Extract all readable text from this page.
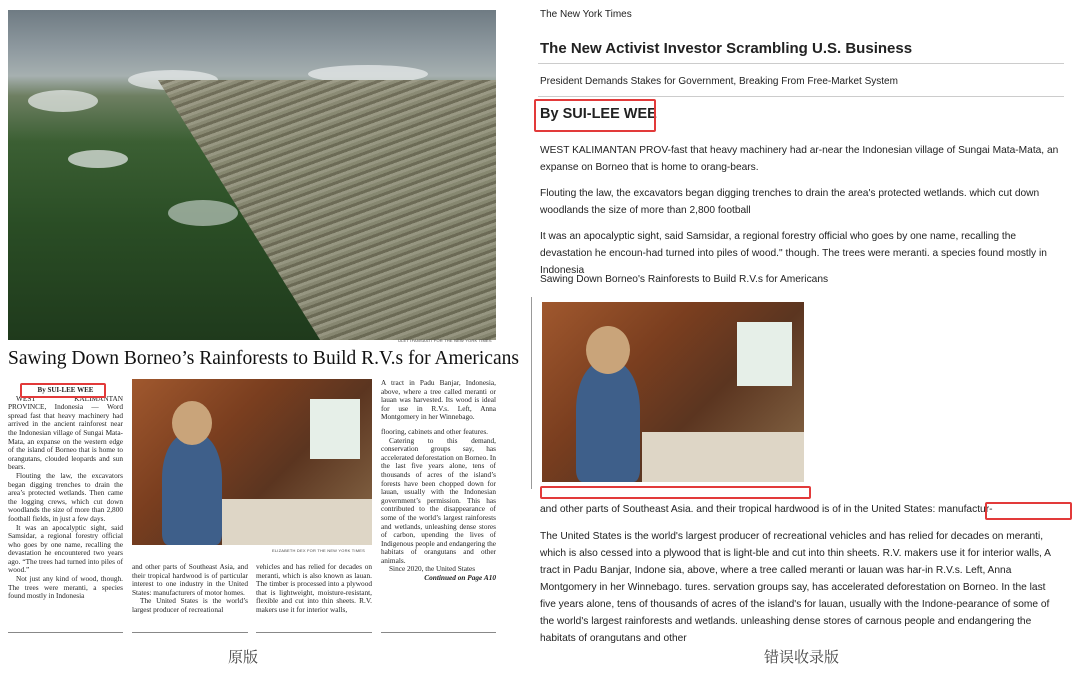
ULET IFANSASTI FOR THE NEW YORK TIMES
Sawing Down Borneo’s Rainforests to Build R.V.s for Americans
By SUI-LEE WEE

WEST KALIMANTAN PROVINCE, Indonesia — Word spread fast that heavy machinery had arrived in the ancient rainforest near the Indonesian village of Sungai Mata-Mata, an expanse on the western edge of the island of Borneo that is home to orangutans, clouded leopards and sun bears.

Flouting the law, the excavators began digging trenches to drain the area’s protected wetlands. Then came the logging crews, which cut down woodlands the size of more than 2,800 football fields, in just a few days.

It was an apocalyptic sight, said Samsidar, a regional forestry official who goes by one name, recalling the devastation he encountered two years ago. “The trees had turned into piles of wood.”

Not just any kind of wood, though. The trees were meranti, a species found mostly in Indonesia

ELIZABETH DEX FOR THE NEW YORK TIMES

and other parts of Southeast Asia, and their tropical hardwood is of particular interest to one industry in the United States: manufacturers of motor homes.

The United States is the world’s largest producer of recreational

vehicles and has relied for decades on meranti, which is also known as lauan. The timber is processed into a plywood that is lightweight, moisture-resistant, flexible and cut into thin sheets. R.V. makers use it for interior walls,

A tract in Padu Banjar, Indonesia, above, where a tree called meranti or lauan was harvested. Its wood is ideal for use in R.V.s. Left, Anna Montgomery in her Winnebago.

flooring, cabinets and other features.

Catering to this demand, conservation groups say, has accelerated deforestation on Borneo. In the last five years alone, tens of thousands of acres of the island’s forests have been chopped down for lauan, usually with the Indonesian government’s permission. This has contributed to the disappearance of some of the world’s largest rainforests and wetlands, unleashing dense stores of carbon, upending the lives of Indigenous people and endangering the habitats of orangutans and other animals.

Since 2020, the United States

Continued on Page A10

原版
The New York Times
The New Activist Investor Scrambling U.S. Business
President Demands Stakes for Government, Breaking From Free-Market System
By SUI-LEE WEE
WEST KALIMANTAN PROV-fast that heavy machinery had ar-near the Indonesian village of Sungai Mata-Mata, an expanse on Borneo that is home to orang-bears.
Flouting the law, the excavators began digging trenches to drain the area's protected wetlands. which cut down woodlands the size of more than 2,800 football
It was an apocalyptic sight, said Samsidar, a regional forestry official who goes by one name, recalling the devastation he encoun-had turned into piles of wood." though. The trees were meranti. a species found mostly in Indonesia
Sawing Down Borneo's Rainforests to Build R.V.s for Americans
and other parts of Southeast Asia. and their tropical hardwood is of in the United States: manufactur-
The United States is the world's largest producer of recreational vehicles and has relied for decades on meranti, which is also cessed into a plywood that is light-ble and cut into thin sheets. R.V. makers use it for interior walls, A tract in Padu Banjar, Indone sia, above, where a tree called meranti or lauan was har-in R.V.s. Left, Anna Montgomery in her Winnebago. tures. servation groups say, has accelerated deforestation on Borneo. In the last five years alone, tens of thousands of acres of the island's for lauan, usually with the Indone-pearance of some of the world's largest rainforests and wetlands. unleashing dense stores of carnous people and endangering the habitats of orangutans and other
错误收录版
